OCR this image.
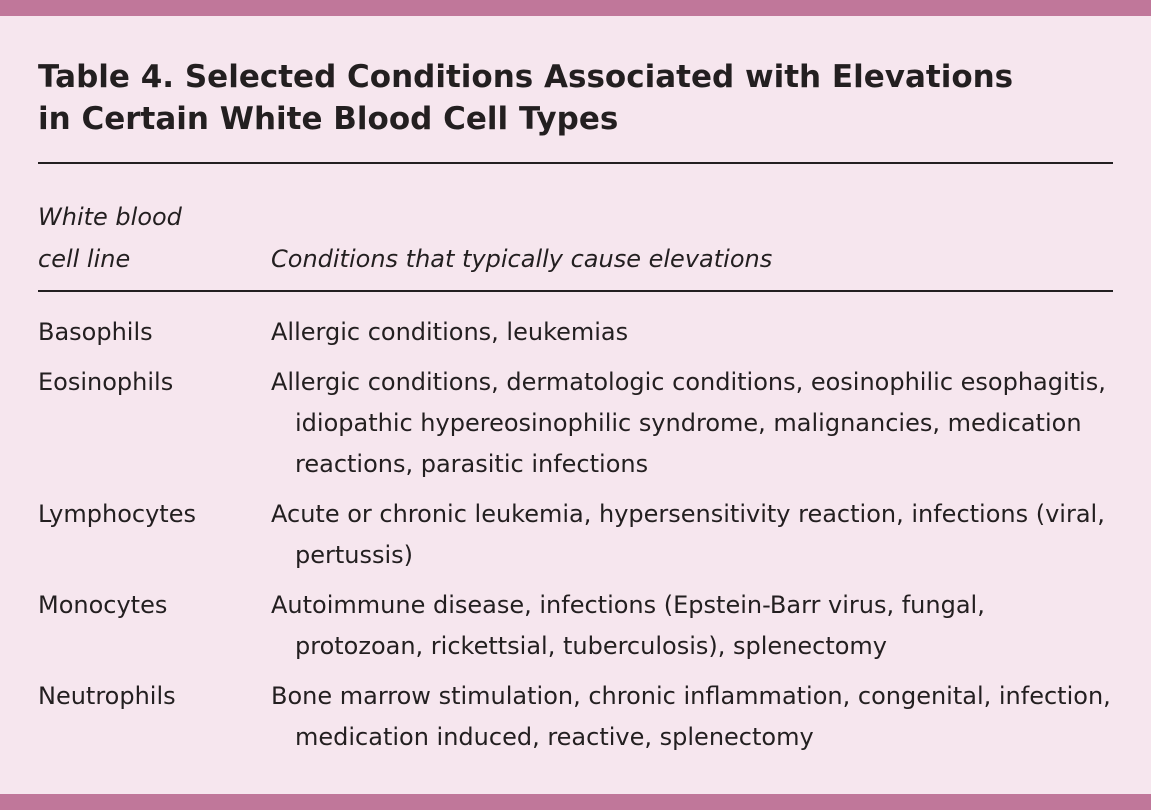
Table 4. Selected Conditions Associated with Elevations
in Certain White Blood Cell Types
White blood
cell line	Conditions that typically cause elevations
Basophils	Allergic conditions, leukemias
Eosinophils	Allergic conditions, dermatologic conditions, eosinophilic esophagitis, idiopathic hypereosinophilic syndrome, malignancies, medication reactions, parasitic infections
Lymphocytes	Acute or chronic leukemia, hypersensitivity reaction, infections (viral, pertussis)
Monocytes	Autoimmune disease, infections (Epstein-Barr virus, fungal, protozoan, rickettsial, tuberculosis), splenectomy
Neutrophils	Bone marrow stimulation, chronic inflammation, congenital, infection, medication induced, reactive, splenectomy
